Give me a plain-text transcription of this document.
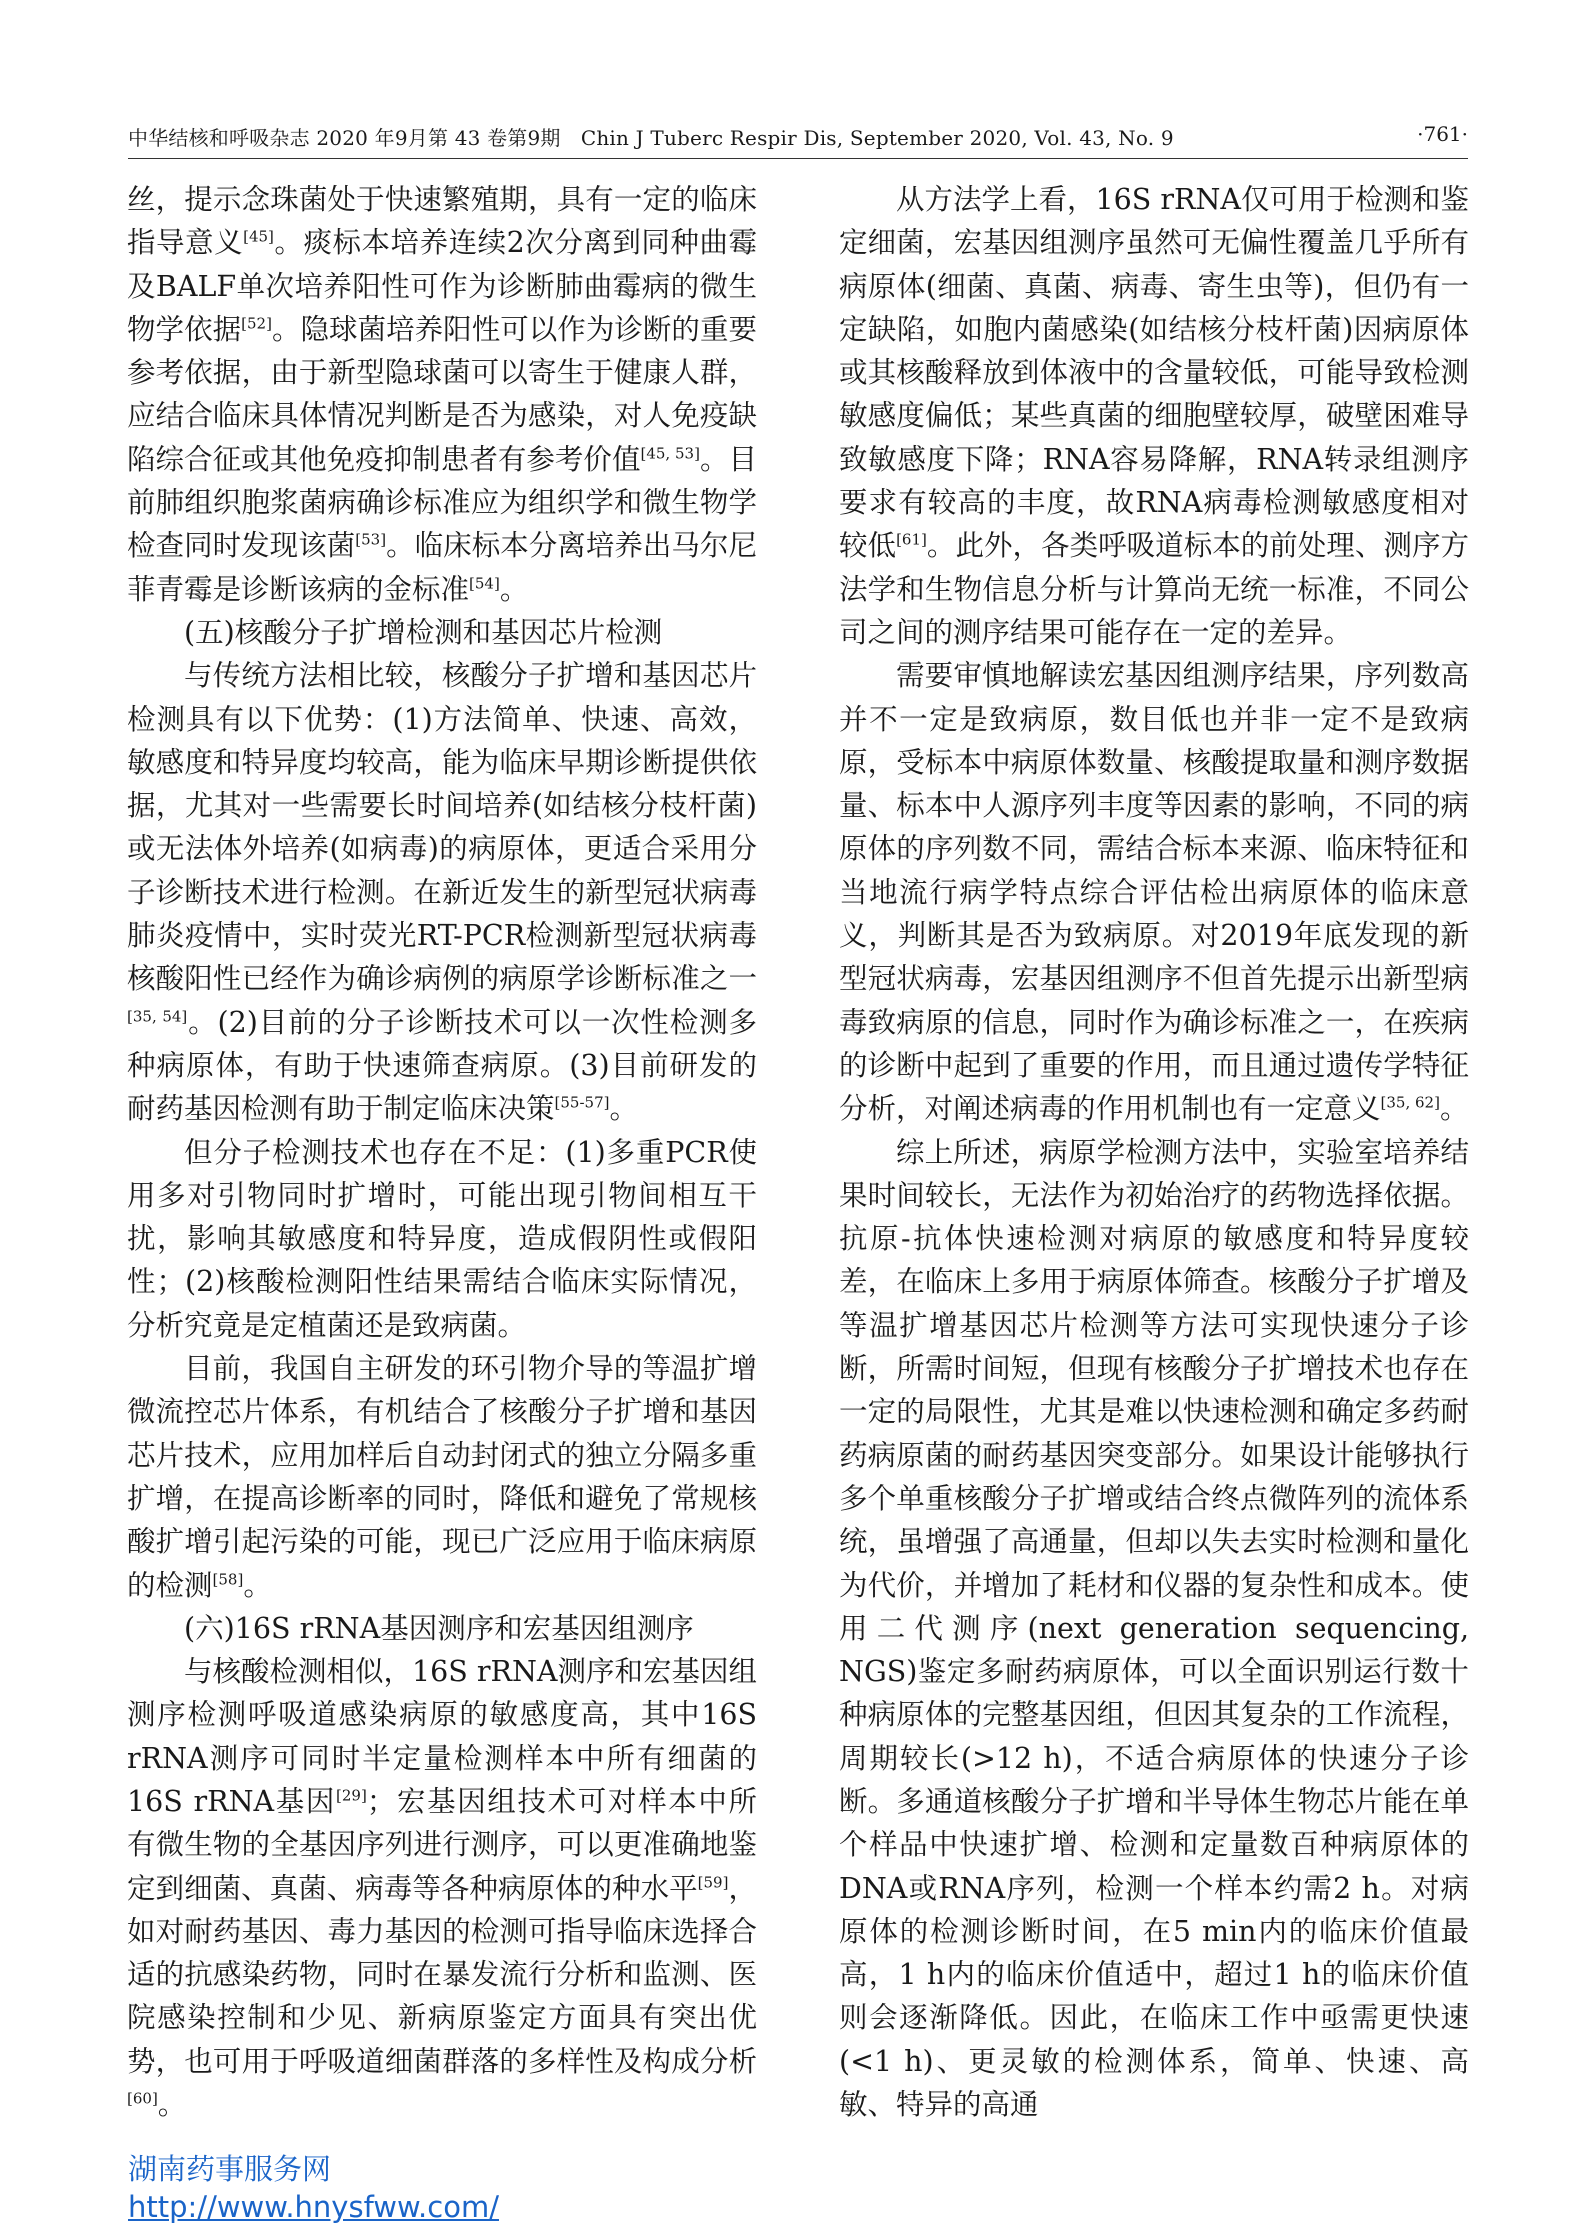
中华结核和呼吸杂志 2020 年9月第 43 卷第9期　Chin J Tuberc Respir Dis, September 2020, Vol. 43, No. 9	·761·

丝，提示念珠菌处于快速繁殖期，具有一定的临床指导意义[45]。痰标本培养连续2次分离到同种曲霉及BALF单次培养阳性可作为诊断肺曲霉病的微生物学依据[52]。隐球菌培养阳性可以作为诊断的重要参考依据，由于新型隐球菌可以寄生于健康人群，应结合临床具体情况判断是否为感染，对人免疫缺陷综合征或其他免疫抑制患者有参考价值[45, 53]。目前肺组织胞浆菌病确诊标准应为组织学和微生物学检查同时发现该菌[53]。临床标本分离培养出马尔尼菲青霉是诊断该病的金标准[54]。

(五)核酸分子扩增检测和基因芯片检测

与传统方法相比较，核酸分子扩增和基因芯片检测具有以下优势：(1)方法简单、快速、高效，敏感度和特异度均较高，能为临床早期诊断提供依据，尤其对一些需要长时间培养(如结核分枝杆菌)或无法体外培养(如病毒)的病原体，更适合采用分子诊断技术进行检测。在新近发生的新型冠状病毒肺炎疫情中，实时荧光RT-PCR检测新型冠状病毒核酸阳性已经作为确诊病例的病原学诊断标准之一[35, 54]。(2)目前的分子诊断技术可以一次性检测多种病原体，有助于快速筛查病原。(3)目前研发的耐药基因检测有助于制定临床决策[55-57]。

但分子检测技术也存在不足：(1)多重PCR使用多对引物同时扩增时，可能出现引物间相互干扰，影响其敏感度和特异度，造成假阴性或假阳性；(2)核酸检测阳性结果需结合临床实际情况，分析究竟是定植菌还是致病菌。

目前，我国自主研发的环引物介导的等温扩增微流控芯片体系，有机结合了核酸分子扩增和基因芯片技术，应用加样后自动封闭式的独立分隔多重扩增，在提高诊断率的同时，降低和避免了常规核酸扩增引起污染的可能，现已广泛应用于临床病原的检测[58]。

(六)16S rRNA基因测序和宏基因组测序

与核酸检测相似，16S rRNA测序和宏基因组测序检测呼吸道感染病原的敏感度高，其中16S rRNA测序可同时半定量检测样本中所有细菌的16S rRNA基因[29]；宏基因组技术可对样本中所有微生物的全基因序列进行测序，可以更准确地鉴定到细菌、真菌、病毒等各种病原体的种水平[59]，如对耐药基因、毒力基因的检测可指导临床选择合适的抗感染药物，同时在暴发流行分析和监测、医院感染控制和少见、新病原鉴定方面具有突出优势，也可用于呼吸道细菌群落的多样性及构成分析[60]。

从方法学上看，16S rRNA仅可用于检测和鉴定细菌，宏基因组测序虽然可无偏性覆盖几乎所有病原体(细菌、真菌、病毒、寄生虫等)，但仍有一定缺陷，如胞内菌感染(如结核分枝杆菌)因病原体或其核酸释放到体液中的含量较低，可能导致检测敏感度偏低；某些真菌的细胞壁较厚，破壁困难导致敏感度下降；RNA容易降解，RNA转录组测序要求有较高的丰度，故RNA病毒检测敏感度相对较低[61]。此外，各类呼吸道标本的前处理、测序方法学和生物信息分析与计算尚无统一标准，不同公司之间的测序结果可能存在一定的差异。

需要审慎地解读宏基因组测序结果，序列数高并不一定是致病原，数目低也并非一定不是致病原，受标本中病原体数量、核酸提取量和测序数据量、标本中人源序列丰度等因素的影响，不同的病原体的序列数不同，需结合标本来源、临床特征和当地流行病学特点综合评估检出病原体的临床意义，判断其是否为致病原。对2019年底发现的新型冠状病毒，宏基因组测序不但首先提示出新型病毒致病原的信息，同时作为确诊标准之一，在疾病的诊断中起到了重要的作用，而且通过遗传学特征分析，对阐述病毒的作用机制也有一定意义[35, 62]。

综上所述，病原学检测方法中，实验室培养结果时间较长，无法作为初始治疗的药物选择依据。抗原-抗体快速检测对病原的敏感度和特异度较差，在临床上多用于病原体筛查。核酸分子扩增及等温扩增基因芯片检测等方法可实现快速分子诊断，所需时间短，但现有核酸分子扩增技术也存在一定的局限性，尤其是难以快速检测和确定多药耐药病原菌的耐药基因突变部分。如果设计能够执行多个单重核酸分子扩增或结合终点微阵列的流体系统，虽增强了高通量，但却以失去实时检测和量化为代价，并增加了耗材和仪器的复杂性和成本。使用二代测序(next generation sequencing, NGS)鉴定多耐药病原体，可以全面识别运行数十种病原体的完整基因组，但因其复杂的工作流程，周期较长(>12 h)，不适合病原体的快速分子诊断。多通道核酸分子扩增和半导体生物芯片能在单个样品中快速扩增、检测和定量数百种病原体的DNA或RNA序列，检测一个样本约需2 h。对病原体的检测诊断时间，在5 min内的临床价值最高，1 h内的临床价值适中，超过1 h的临床价值则会逐渐降低。因此，在临床工作中亟需更快速(<1 h)、更灵敏的检测体系，简单、快速、高敏、特异的高通

湖南药事服务网
http://www.hnysfww.com/
